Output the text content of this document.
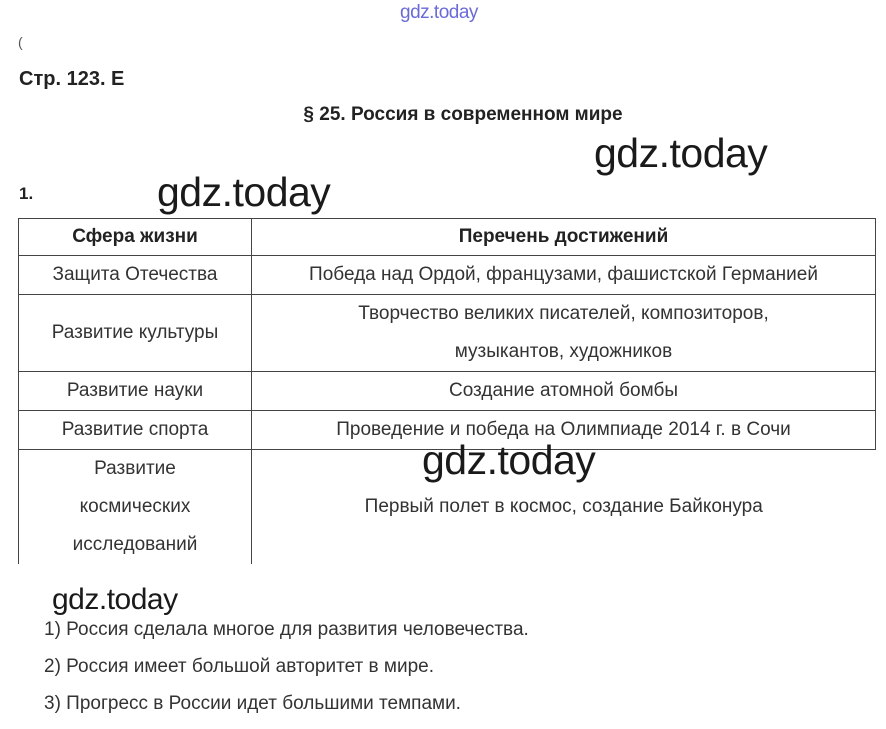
gdz.today
(
Стр. 123. Е
§ 25. Россия в современном мире
gdz.today
1.	gdz.today
Сфера жизни	Перечень достижений
Защита Отечества	Победа над Ордой, французами, фашистской Германией
Развитие культуры	Творчество великих писателей, композиторов, музыкантов, художников
Развитие науки	Создание атомной бомбы
Развитие спорта	Проведение и победа на Олимпиаде 2014 г. в Сочи
Развитие космических исследований	Первый полет в космос, создание Байконура
gdz.today
gdz.today
1) Россия сделала многое для развития человечества.
2) Россия имеет большой авторитет в мире.
3) Прогресс в России идет большими темпами.
